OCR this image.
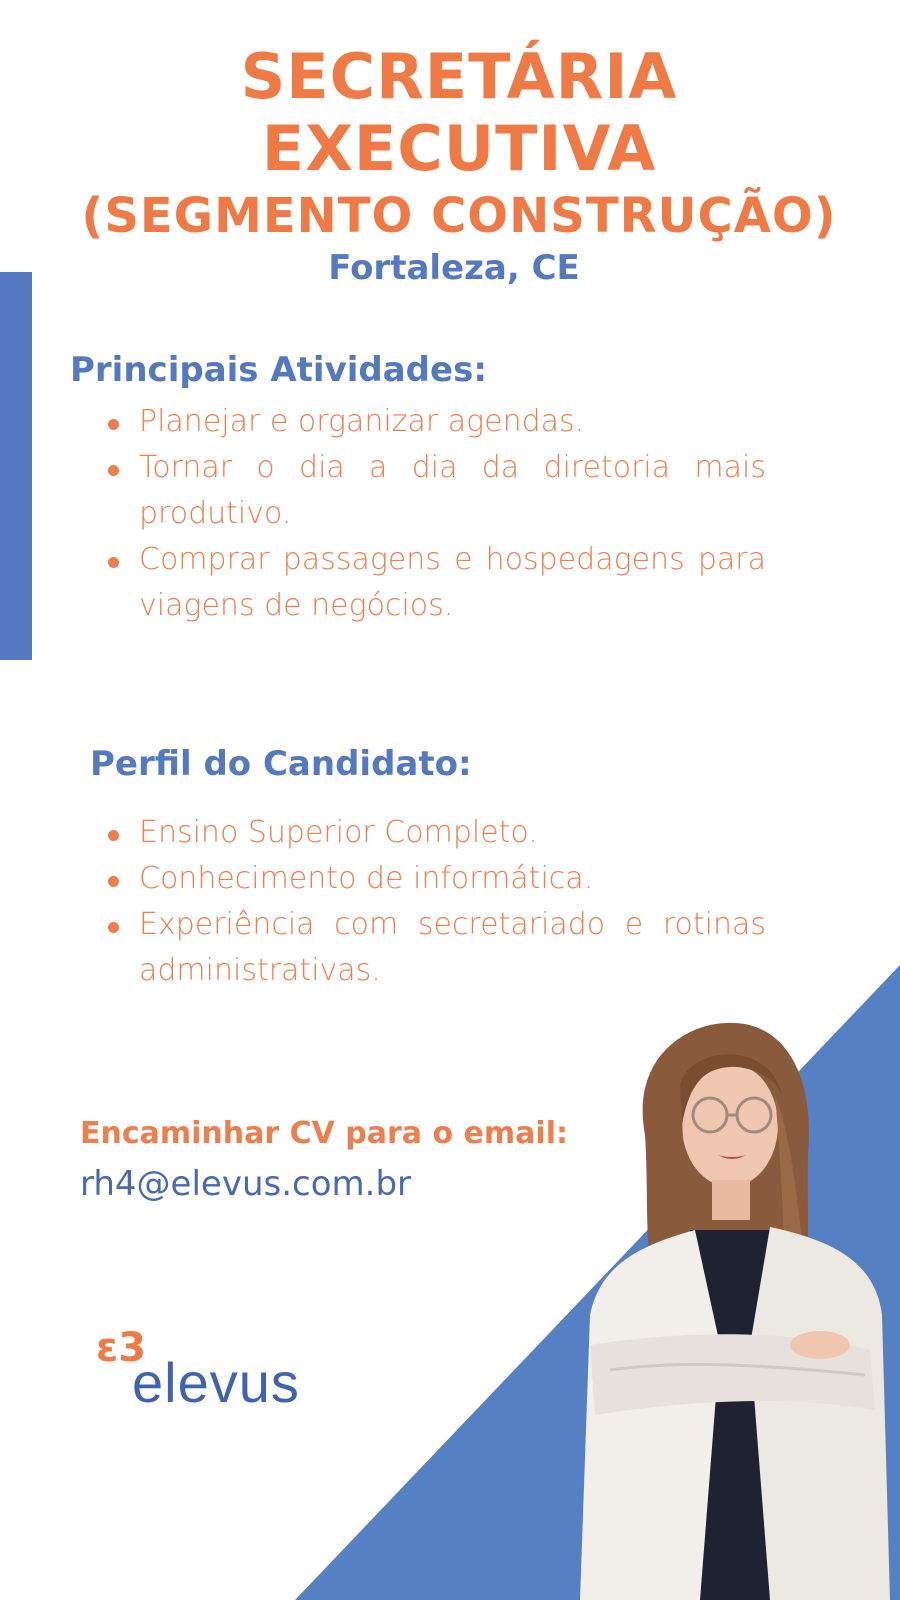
SECRETÁRIA
EXECUTIVA
(SEGMENTO CONSTRUÇÃO)
Fortaleza, CE
Principais Atividades:
Planejar e organizar agendas.
Tornar o dia a dia da diretoria mais produtivo.
Comprar passagens e hospedagens para viagens de negócios.
Perfil do Candidato:
Ensino Superior Completo.
Conhecimento de informática.
Experiência com secretariado e rotinas administrativas.
Encaminhar CV para o email:
rh4@elevus.com.br
ε3
elevus
